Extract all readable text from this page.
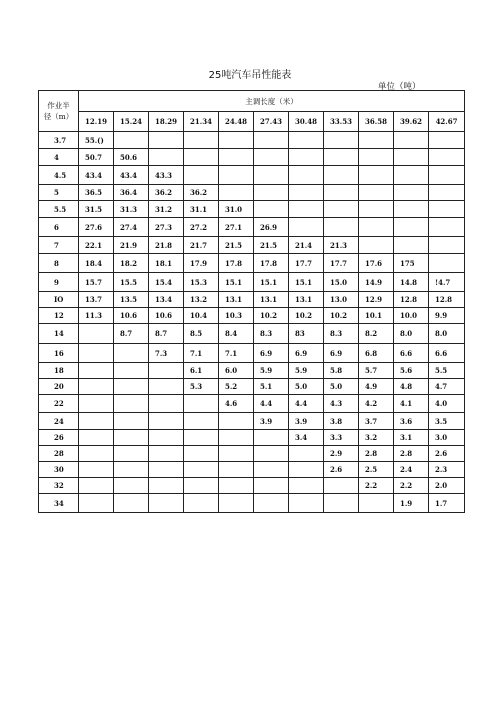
25吨汽车吊性能表
单位（吨）
作业半
径（m）	主调长度（米）										
	12.19	15.24	18.29	21.34	24.48	27.43	30.48	33.53	36.58	39.62	42.67
3.7	55.()										
4	50.7	50.6									
4.5	43.4	43.4	43.3								
5	36.5	36.4	36.2	36.2							
5.5	31.5	31.3	31.2	31.1	31.0						
6	27.6	27.4	27.3	27.2	27.1	26.9					
7	22.1	21.9	21.8	21.7	21.5	21.5	21.4	21.3			
8	18.4	18.2	18.1	17.9	17.8	17.8	17.7	17.7	17.6	175	
9	15.7	15.5	15.4	15.3	15.1	15.1	15.1	15.0	14.9	14.8	!4.7
IO	13.7	13.5	13.4	13.2	13.1	13.1	13.1	13.0	12.9	12.8	12.8
12	11.3	10.6	10.6	10.4	10.3	10.2	10.2	10.2	10.1	10.0	9.9
14		8.7	8.7	8.5	8.4	8.3	83	8.3	8.2	8.0	8.0
16			7.3	7.1	7.1	6.9	6.9	6.9	6.8	6.6	6.6
18				6.1	6.0	5.9	5.9	5.8	5.7	5.6	5.5
20				5.3	5.2	5.1	5.0	5.0	4.9	4.8	4.7
22					4.6	4.4	4.4	4.3	4.2	4.1	4.0
24						3.9	3.9	3.8	3.7	3.6	3.5
26							3.4	3.3	3.2	3.1	3.0
28								2.9	2.8	2.8	2.6
30								2.6	2.5	2.4	2.3
32									2.2	2.2	2.0
34										1.9	1.7
